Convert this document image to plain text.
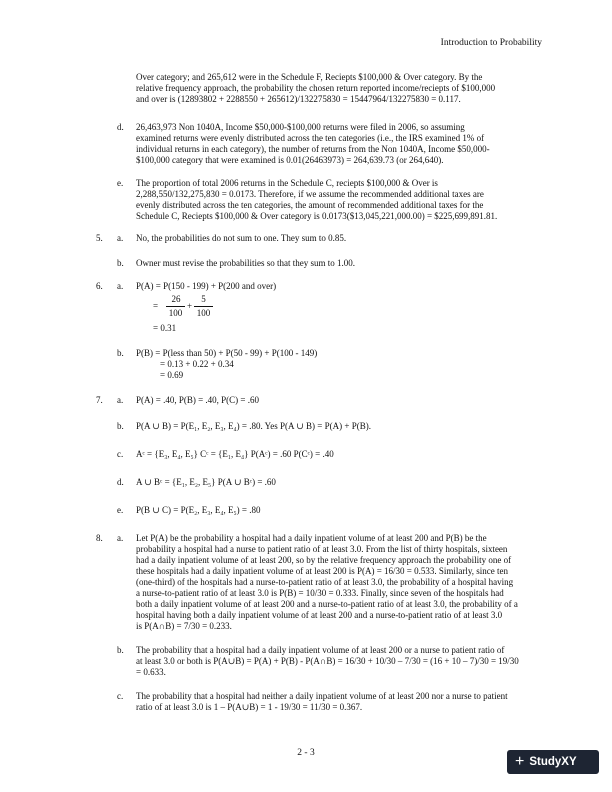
Introduction to Probability
Over category; and 265,612 were in the Schedule F, Reciepts $100,000 & Over category. By the
relative frequency approach, the probability the chosen return reported income/reciepts of $100,000
and over is (12893802 + 2288550 + 265612)/132275830 = 15447964/132275830 = 0.117.
d. 26,463,973 Non 1040A, Income $50,000-$100,000 returns were filed in 2006, so assuming
examined returns were evenly distributed across the ten categories (i.e., the IRS examined 1% of
individual returns in each category), the number of returns from the Non 1040A, Income $50,000-
$100,000 category that were examined is 0.01(26463973) = 264,639.73 (or 264,640).
e. The proportion of total 2006 returns in the Schedule C, reciepts $100,000 & Over is
2,288,550/132,275,830 = 0.0173. Therefore, if we assume the recommended additional taxes are
evenly distributed across the ten categories, the amount of recommended additional taxes for the
Schedule C, Reciepts $100,000 & Over category is 0.0173($13,045,221,000.00) = $225,699,891.81.
5. a. No, the probabilities do not sum to one. They sum to 0.85.
b. Owner must revise the probabilities so that they sum to 1.00.
6. a. P(A) = P(150 - 199) + P(200 and over)
=
26
100
+
5
100
= 0.31
b. P(B) = P(less than 50) + P(50 - 99) + P(100 - 149)
= 0.13 + 0.22 + 0.34
= 0.69
7. a. P(A) = .40, P(B) = .40, P(C) = .60
b. P(A ∪ B) = P(E₁, E₂, E₃, E₄) = .80. Yes P(A ∪ B) = P(A) + P(B).
c. Aᶜ = {E₃, E₄, E₅} Cᶜ = {E₁, E₄} P(Aᶜ) = .60 P(Cᶜ) = .40
d. A ∪ Bᶜ = {E₁, E₂, E₅} P(A ∪ Bᶜ) = .60
e. P(B ∪ C) = P(E₂, E₃, E₄, E₅) = .80
8. a. Let P(A) be the probability a hospital had a daily inpatient volume of at least 200 and P(B) be the
probability a hospital had a nurse to patient ratio of at least 3.0. From the list of thirty hospitals, sixteen
had a daily inpatient volume of at least 200, so by the relative frequency approach the probability one of
these hospitals had a daily inpatient volume of at least 200 is P(A) = 16/30 = 0.533. Similarly, since ten
(one-third) of the hospitals had a nurse-to-patient ratio of at least 3.0, the probability of a hospital having
a nurse-to-patient ratio of at least 3.0 is P(B) = 10/30 = 0.333. Finally, since seven of the hospitals had
both a daily inpatient volume of at least 200 and a nurse-to-patient ratio of at least 3.0, the probability of a
hospital having both a daily inpatient volume of at least 200 and a nurse-to-patient ratio of at least 3.0
is P(A∩B) = 7/30 = 0.233.
b. The probability that a hospital had a daily inpatient volume of at least 200 or a nurse to patient ratio of
at least 3.0 or both is P(A∪B) = P(A) + P(B) - P(A∩B) = 16/30 + 10/30 – 7/30 = (16 + 10 – 7)/30 = 19/30
= 0.633.
c. The probability that a hospital had neither a daily inpatient volume of at least 200 nor a nurse to patient
ratio of at least 3.0 is 1 – P(A∪B) = 1 - 19/30 = 11/30 = 0.367.
2 - 3	+ StudyXY
